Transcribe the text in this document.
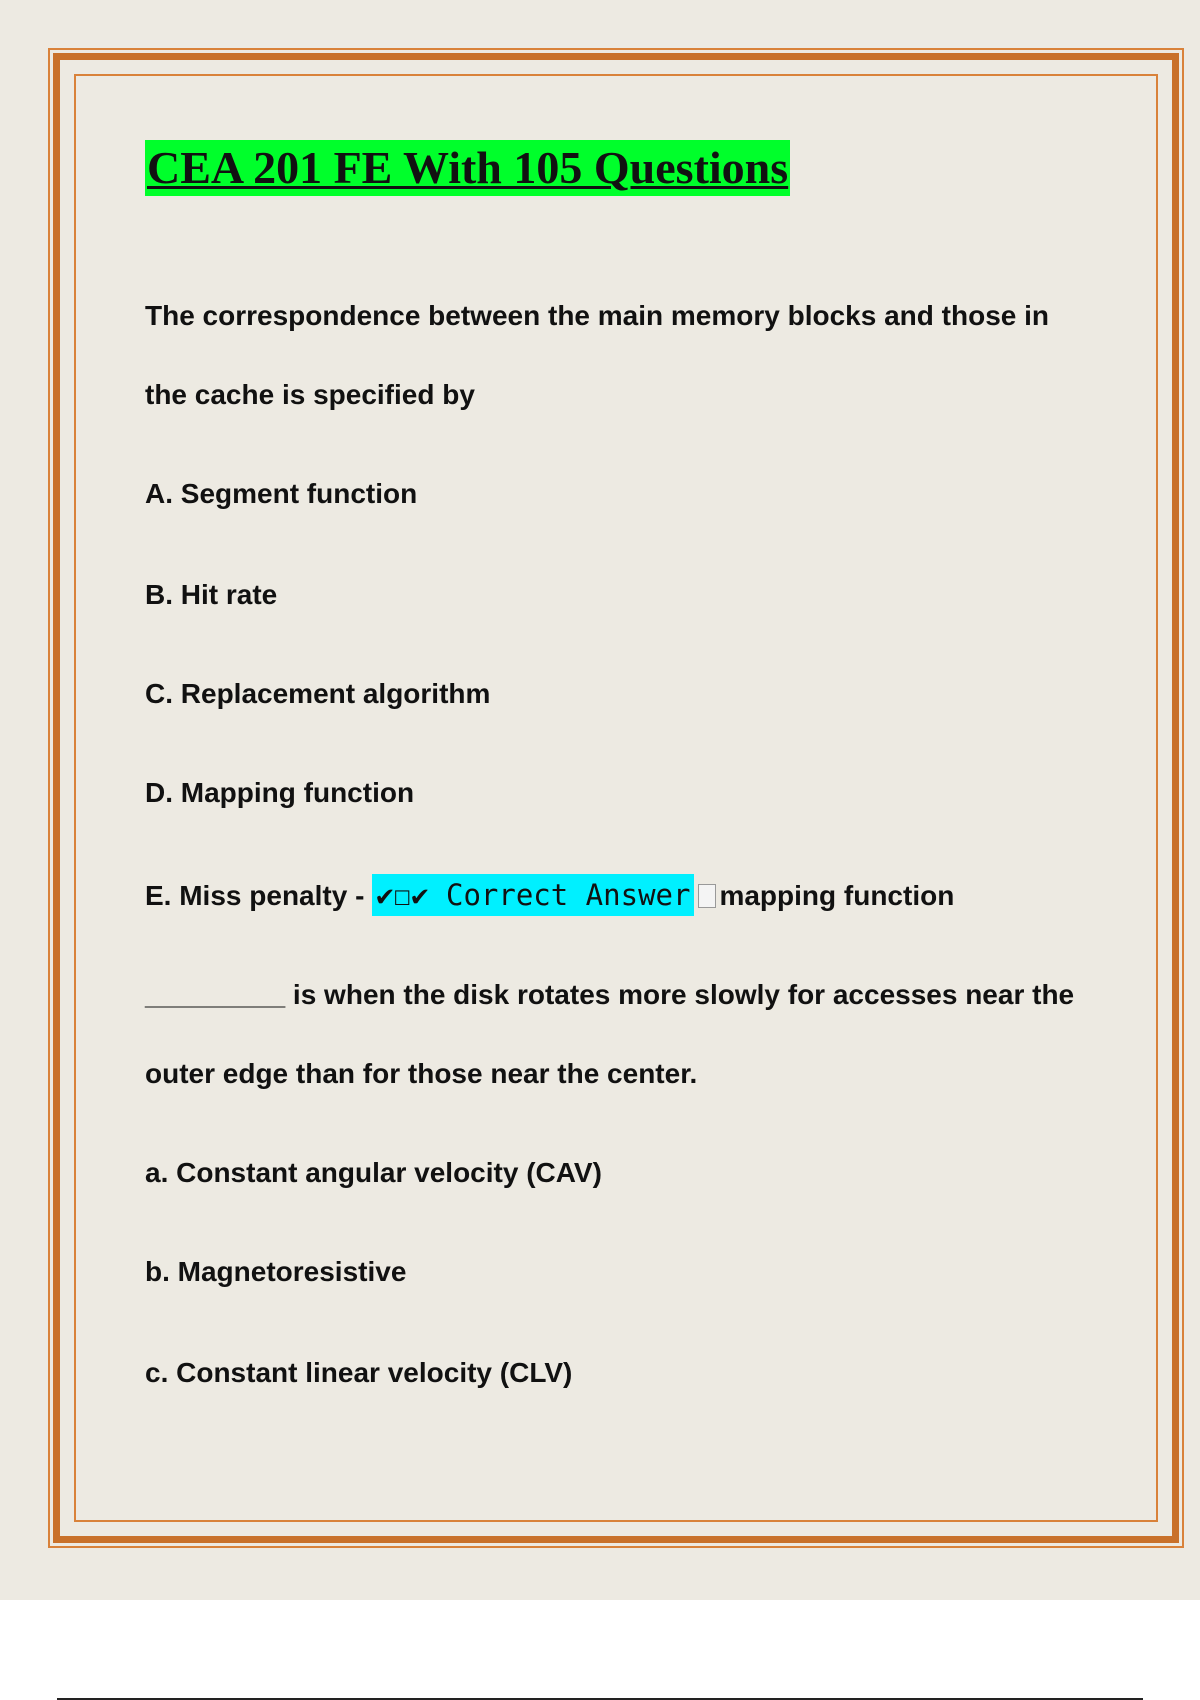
CEA 201 FE With 105 Questions

The correspondence between the main memory blocks and those in

the cache is specified by

A. Segment function

B. Hit rate

C. Replacement algorithm

D. Mapping function

E. Miss penalty - ✔☐✔ Correct Answer mapping function

_________ is when the disk rotates more slowly for accesses near the

outer edge than for those near the center.

a. Constant angular velocity (CAV)

b. Magnetoresistive

c. Constant linear velocity (CLV)
